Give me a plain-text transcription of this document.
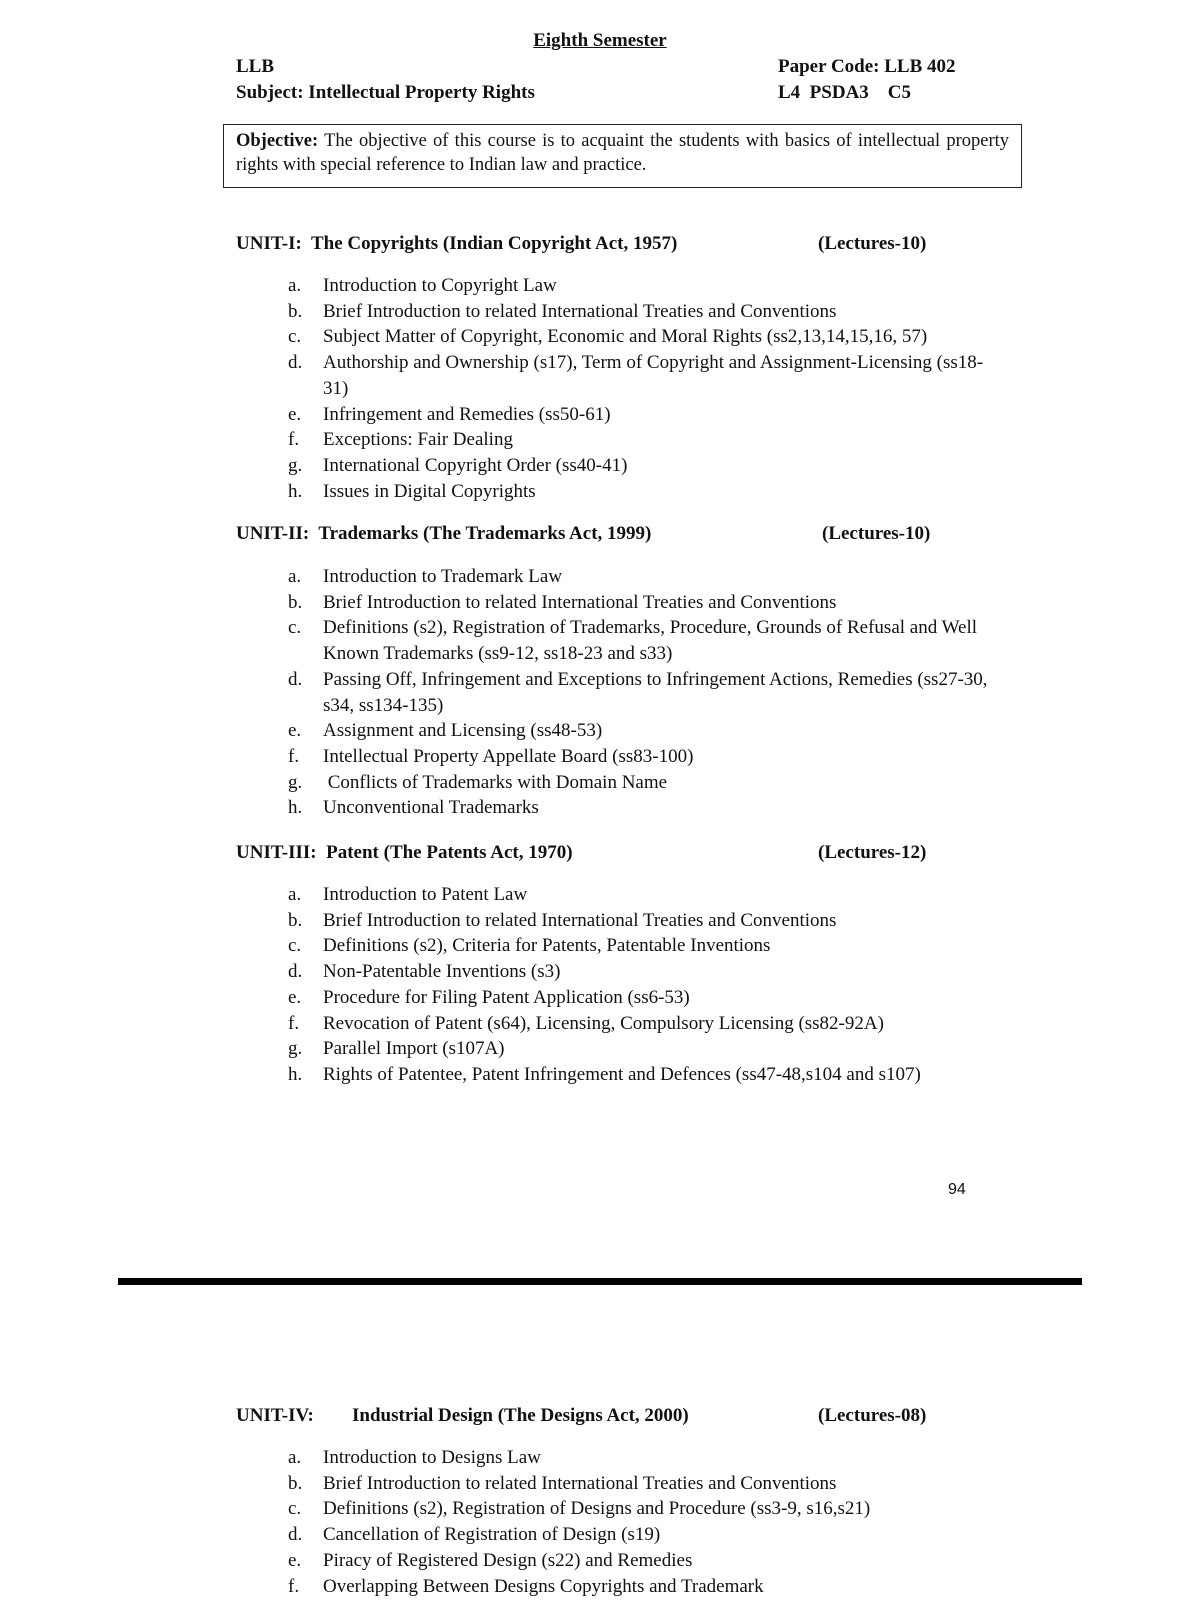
Eighth Semester
LLB
Subject: Intellectual Property Rights
Paper Code: LLB 402
L4  PSDA3    C5
Objective: The objective of this course is to acquaint the students with basics of intellectual property rights with special reference to Indian law and practice.
UNIT-I:  The Copyrights (Indian Copyright Act, 1957)	(Lectures-10)
a.	Introduction to Copyright Law
b.	Brief Introduction to related International Treaties and Conventions
c.	Subject Matter of Copyright, Economic and Moral Rights (ss2,13,14,15,16, 57)
d.	Authorship and Ownership (s17), Term of Copyright and Assignment-Licensing (ss18-31)
e.	Infringement and Remedies (ss50-61)
f.	Exceptions: Fair Dealing
g.	International Copyright Order (ss40-41)
h.	Issues in Digital Copyrights
UNIT-II:  Trademarks (The Trademarks Act, 1999)	(Lectures-10)
a.	Introduction to Trademark Law
b.	Brief Introduction to related International Treaties and Conventions
c.	Definitions (s2), Registration of Trademarks, Procedure, Grounds of Refusal and Well Known Trademarks (ss9-12, ss18-23 and s33)
d.	Passing Off, Infringement and Exceptions to Infringement Actions, Remedies (ss27-30, s34, ss134-135)
e.	Assignment and Licensing (ss48-53)
f.	Intellectual Property Appellate Board (ss83-100)
g.	Conflicts of Trademarks with Domain Name
h.	Unconventional Trademarks
UNIT-III:  Patent (The Patents Act, 1970)	(Lectures-12)
a.	Introduction to Patent Law
b.	Brief Introduction to related International Treaties and Conventions
c.	Definitions (s2), Criteria for Patents, Patentable Inventions
d.	Non-Patentable Inventions (s3)
e.	Procedure for Filing Patent Application (ss6-53)
f.	Revocation of Patent (s64), Licensing, Compulsory Licensing (ss82-92A)
g.	Parallel Import (s107A)
h.	Rights of Patentee, Patent Infringement and Defences (ss47-48,s104 and s107)
94
UNIT-IV: Industrial Design (The Designs Act, 2000)	(Lectures-08)
a.	Introduction to Designs Law
b.	Brief Introduction to related International Treaties and Conventions
c.	Definitions (s2), Registration of Designs and Procedure (ss3-9, s16,s21)
d.	Cancellation of Registration of Design (s19)
e.	Piracy of Registered Design (s22) and Remedies
f.	Overlapping Between Designs Copyrights and Trademark
